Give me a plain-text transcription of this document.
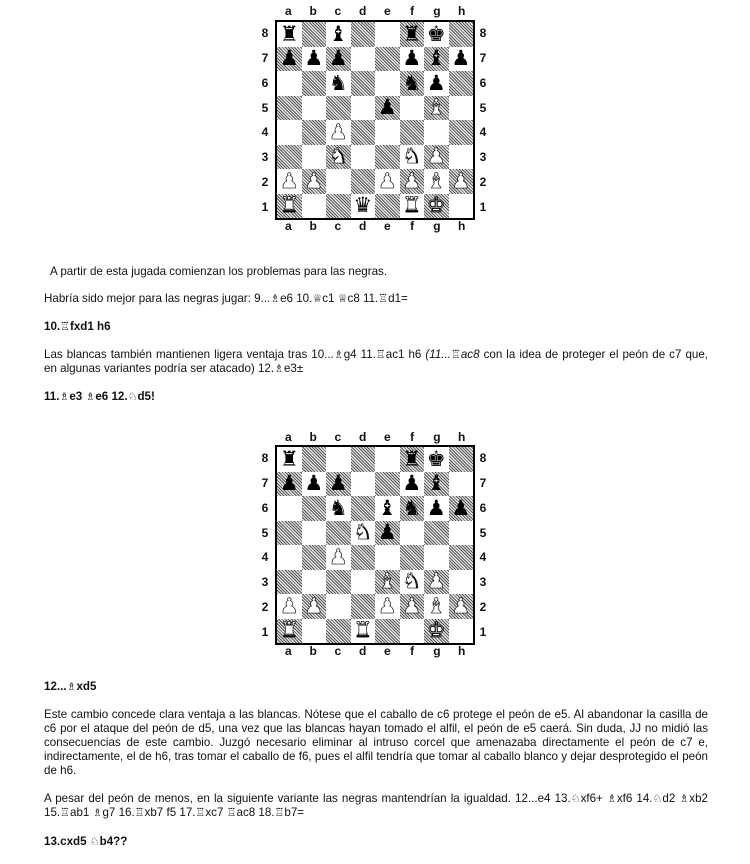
a	b	c	d	e	f	g	h
8
7
6
5
4
3
2
1
♜ ♝	♜ ♚
♟ ♟ ♟	♟ ♝ ♟
♞	♞ ♟
♟ ♝
♟
♞	♞ ♟
♟ ♟	♟ ♟ ♝ ♟
♜	♛ ♜ ♚
8
7
6
5
4
3
2
1
a	b	c	d	e	f	g	h
A partir de esta jugada comienzan los problemas para las negras.
Habría sido mejor para las negras jugar: 9...♗e6 10.♕c1 ♕c8 11.♖d1=
10.♖fxd1 h6
Las blancas también mantienen ligera ventaja tras 10...♗g4 11.♖ac1 h6 (11...♖ac8 con la idea de proteger el peón de c7 que, en algunas variantes podría ser atacado) 12.♗e3±
11.♗e3 ♗e6 12.♘d5!
a	b	c	d	e	f	g	h
8
7
6
5
4
3
2
1
♜	♜ ♚
♟ ♟ ♟	♟ ♝
♞ ♝ ♞ ♟ ♟
♞ ♟
♟
♝ ♞ ♟
♟ ♟	♟ ♟ ♝ ♟
♜	♜	♚
8
7
6
5
4
3
2
1
a	b	c	d	e	f	g	h
12...♗xd5
Este cambio concede clara ventaja a las blancas. Nótese que el caballo de c6 protege el peón de e5. Al abandonar la casilla de c6 por el ataque del peón de d5, una vez que las blancas hayan tomado el alfil, el peón de e5 caerá. Sin duda, JJ no midió las consecuencias de este cambio. Juzgó necesario eliminar al intruso corcel que amenazaba directamente el peón de c7 e, indirectamente, el de h6, tras tomar el caballo de f6, pues el alfil tendría que tomar al caballo blanco y dejar desprotegido el peón de h6.
A pesar del peón de menos, en la siguiente variante las negras mantendrían la igualdad. 12...e4 13.♘xf6+ ♗xf6 14.♘d2 ♗xb2 15.♖ab1 ♗g7 16.♖xb7 f5 17.♖xc7 ♖ac8 18.♖b7=
13.cxd5 ♘b4??
